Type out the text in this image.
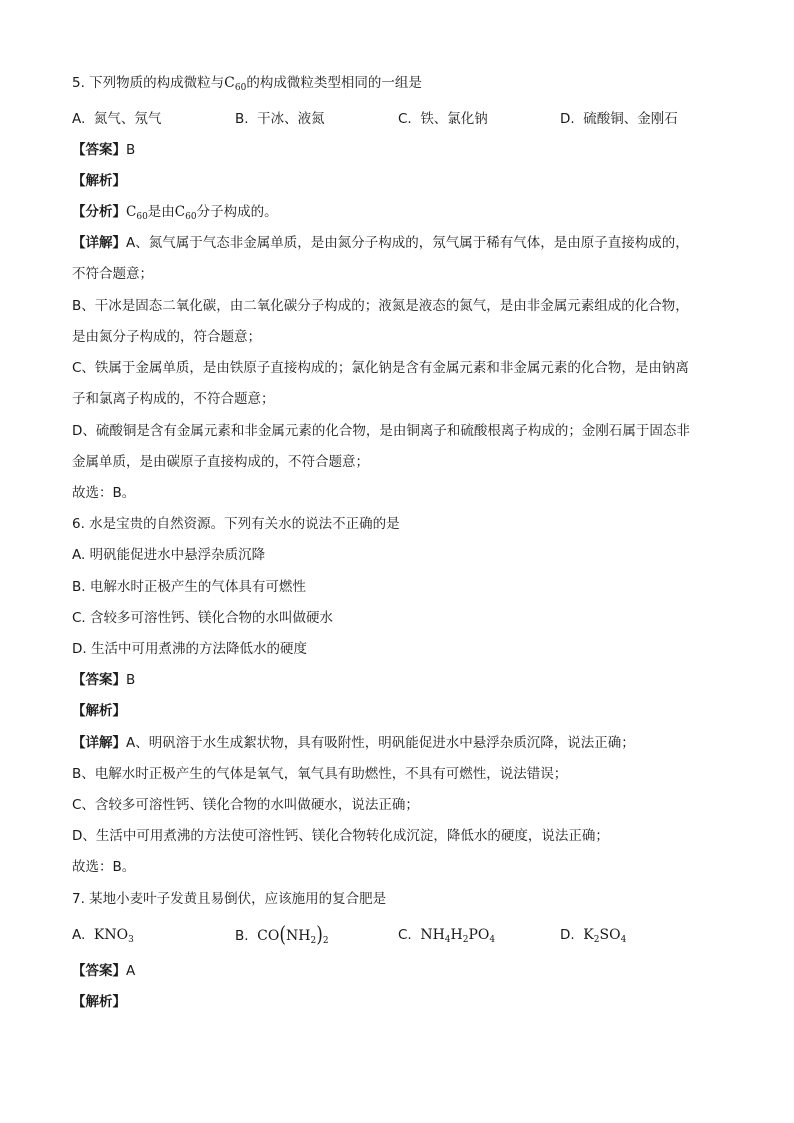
5. 下列物质的构成微粒与$C_{60}$的构成微粒类型相同的一组是
A. 氮气、氖气	B. 干冰、液氮	C. 铁、氯化钠	D. 硫酸铜、金刚石
【答案】B
【解析】
【分析】$C_{60}$是由$C_{60}$分子构成的。
【详解】A、氮气属于气态非金属单质，是由氮分子构成的，氖气属于稀有气体，是由原子直接构成的，
不符合题意；
B、干冰是固态二氧化碳，由二氧化碳分子构成的；液氮是液态的氮气，是由非金属元素组成的化合物，
是由氮分子构成的，符合题意；
C、铁属于金属单质，是由铁原子直接构成的；氯化钠是含有金属元素和非金属元素的化合物，是由钠离
子和氯离子构成的，不符合题意；
D、硫酸铜是含有金属元素和非金属元素的化合物，是由铜离子和硫酸根离子构成的；金刚石属于固态非
金属单质，是由碳原子直接构成的，不符合题意；
故选：B。
6. 水是宝贵的自然资源。下列有关水的说法不正确的是
A. 明矾能促进水中悬浮杂质沉降
B. 电解水时正极产生的气体具有可燃性
C. 含较多可溶性钙、镁化合物的水叫做硬水
D. 生活中可用煮沸的方法降低水的硬度
【答案】B
【解析】
【详解】A、明矾溶于水生成絮状物，具有吸附性，明矾能促进水中悬浮杂质沉降，说法正确；
B、电解水时正极产生的气体是氧气，氧气具有助燃性，不具有可燃性，说法错误；
C、含较多可溶性钙、镁化合物的水叫做硬水，说法正确；
D、生活中可用煮沸的方法使可溶性钙、镁化合物转化成沉淀，降低水的硬度，说法正确；
故选：B。
7. 某地小麦叶子发黄且易倒伏，应该施用的复合肥是
A. $KNO_3$	B. $CO(NH_2)_2$	C. $NH_4H_2PO_4$	D. $K_2SO_4$
【答案】A
【解析】
